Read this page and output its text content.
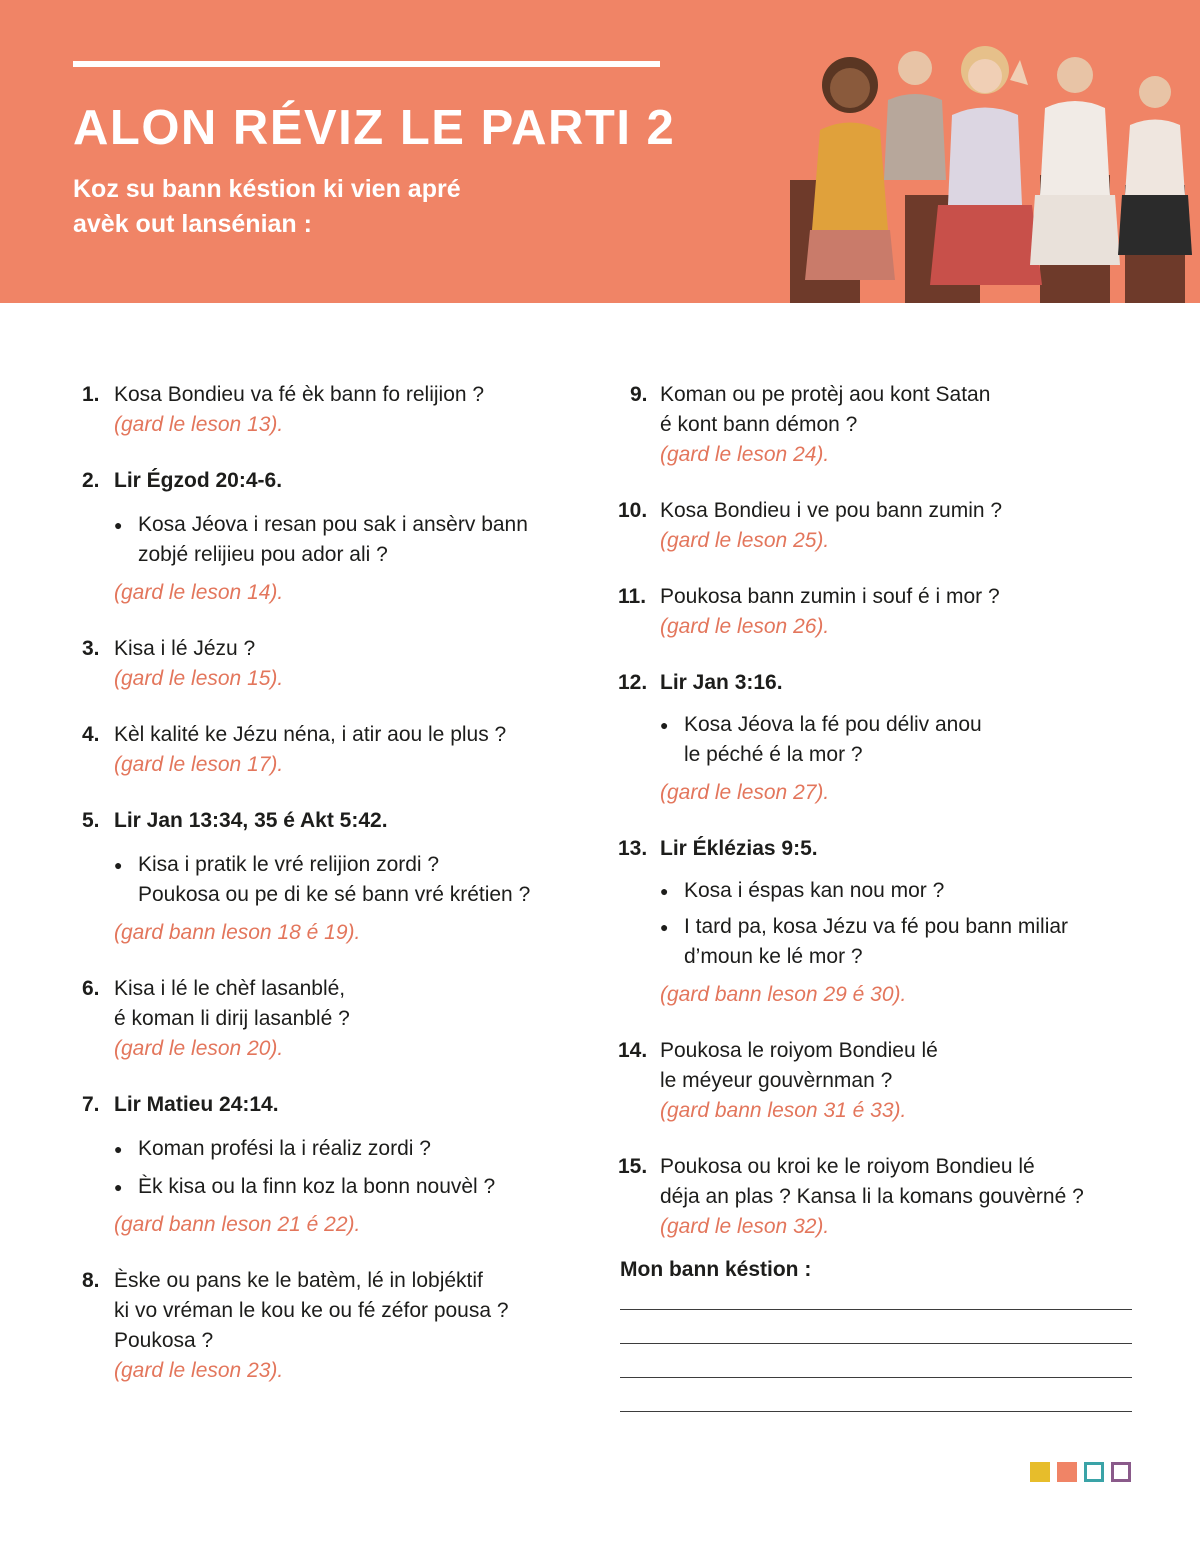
ALON RÉVIZ LE PARTI 2
Koz su bann késtion ki vien apré
avèk out lansénian :
1. Kosa Bondieu va fé èk bann fo relijion ?
(gard le leson 13).
2. Lir Égzod 20:4-6.
● Kosa Jéova i resan pou sak i ansèrv bann
zobjé relijieu pou ador ali ?
(gard le leson 14).
3. Kisa i lé Jézu ?
(gard le leson 15).
4. Kèl kalité ke Jézu néna, i atir aou le plus ?
(gard le leson 17).
5. Lir Jan 13:34, 35 é Akt 5:42.
● Kisa i pratik le vré relijion zordi ?
Poukosa ou pe di ke sé bann vré krétien ?
(gard bann leson 18 é 19).
6. Kisa i lé le chèf lasanblé,
é koman li dirij lasanblé ?
(gard le leson 20).
7. Lir Matieu 24:14.
● Koman profési la i réaliz zordi ?
● Èk kisa ou la finn koz la bonn nouvèl ?
(gard bann leson 21 é 22).
8. Èske ou pans ke le batèm, lé in lobjéktif
ki vo vréman le kou ke ou fé zéfor pousa ?
Poukosa ?
(gard le leson 23).
9. Koman ou pe protèj aou kont Satan
é kont bann démon ?
(gard le leson 24).
10. Kosa Bondieu i ve pou bann zumin ?
(gard le leson 25).
11. Poukosa bann zumin i souf é i mor ?
(gard le leson 26).
12. Lir Jan 3:16.
● Kosa Jéova la fé pou déliv anou
le péché é la mor ?
(gard le leson 27).
13. Lir Éklézias 9:5.
● Kosa i éspas kan nou mor ?
● I tard pa, kosa Jézu va fé pou bann miliar
d’moun ke lé mor ?
(gard bann leson 29 é 30).
14. Poukosa le roiyom Bondieu lé
le méyeur gouvèrnman ?
(gard bann leson 31 é 33).
15. Poukosa ou kroi ke le roiyom Bondieu lé
déja an plas ? Kansa li la komans gouvèrné ?
(gard le leson 32).
Mon bann késtion :
